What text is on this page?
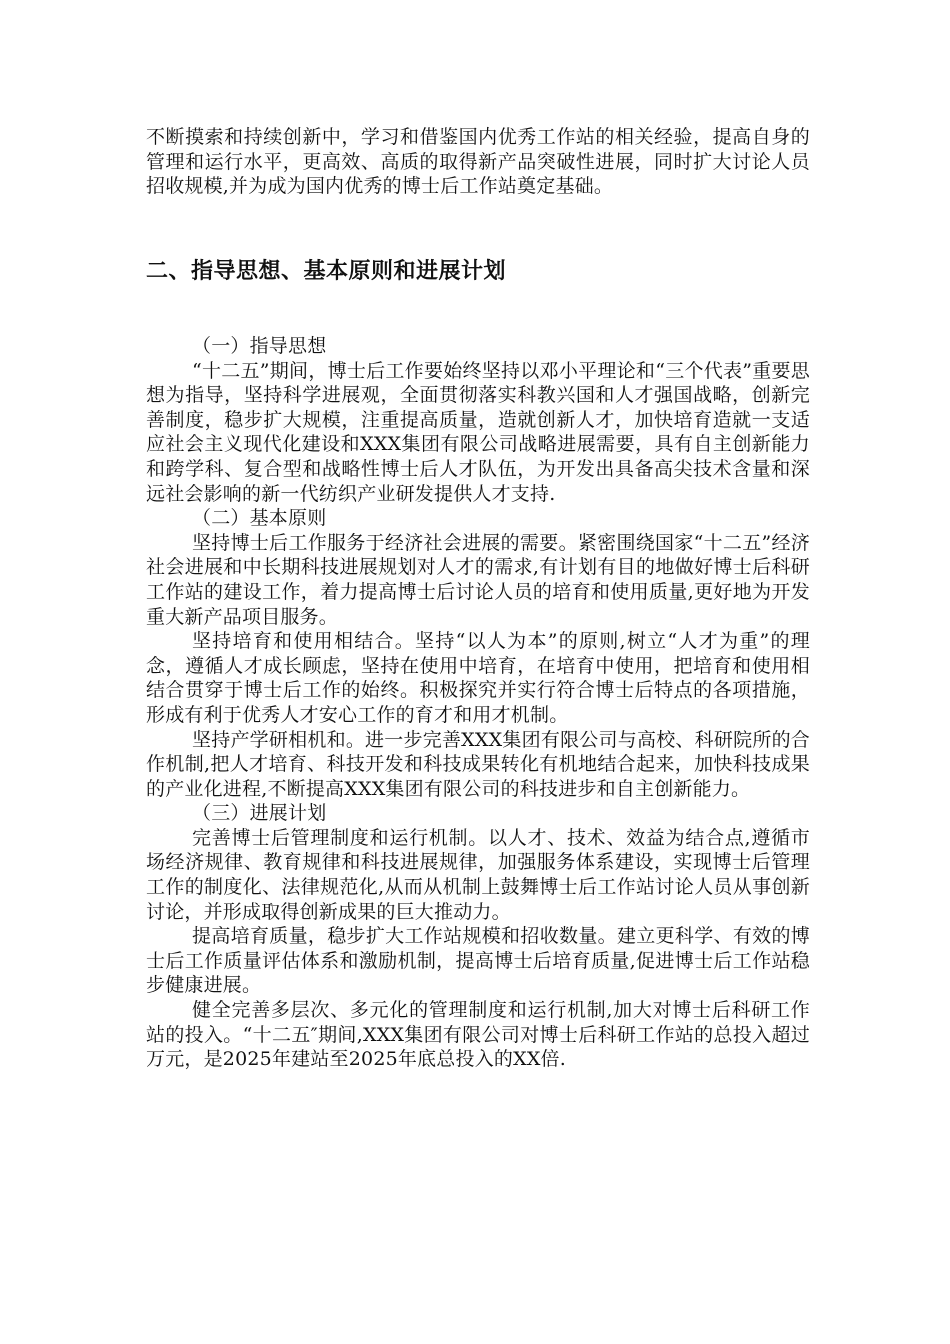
不断摸索和持续创新中，学习和借鉴国内优秀工作站的相关经验，提高自身的管理和运行水平，更高效、高质的取得新产品突破性进展，同时扩大讨论人员招收规模,并为成为国内优秀的博士后工作站奠定基础。

二、指导思想、基本原则和进展计划

（一）指导思想

“十二五”期间，博士后工作要始终坚持以邓小平理论和“三个代表”重要思想为指导，坚持科学进展观，全面贯彻落实科教兴国和人才强国战略，创新完善制度，稳步扩大规模，注重提高质量，造就创新人才，加快培育造就一支适应社会主义现代化建设和XXX集团有限公司战略进展需要，具有自主创新能力和跨学科、复合型和战略性博士后人才队伍，为开发出具备高尖技术含量和深远社会影响的新一代纺织产业研发提供人才支持.

（二）基本原则

坚持博士后工作服务于经济社会进展的需要。紧密围绕国家“十二五”经济社会进展和中长期科技进展规划对人才的需求,有计划有目的地做好博士后科研工作站的建设工作，着力提高博士后讨论人员的培育和使用质量,更好地为开发重大新产品项目服务。

坚持培育和使用相结合。坚持“以人为本”的原则,树立“人才为重”的理念，遵循人才成长顾虑，坚持在使用中培育，在培育中使用，把培育和使用相结合贯穿于博士后工作的始终。积极探究并实行符合博士后特点的各项措施，形成有利于优秀人才安心工作的育才和用才机制。

坚持产学研相机和。进一步完善XXX集团有限公司与高校、科研院所的合作机制,把人才培育、科技开发和科技成果转化有机地结合起来，加快科技成果的产业化进程,不断提高XXX集团有限公司的科技进步和自主创新能力。

（三）进展计划

完善博士后管理制度和运行机制。以人才、技术、效益为结合点,遵循市场经济规律、教育规律和科技进展规律，加强服务体系建设，实现博士后管理工作的制度化、法律规范化,从而从机制上鼓舞博士后工作站讨论人员从事创新讨论，并形成取得创新成果的巨大推动力。

提高培育质量，稳步扩大工作站规模和招收数量。建立更科学、有效的博士后工作质量评估体系和激励机制，提高博士后培育质量,促进博士后工作站稳步健康进展。

健全完善多层次、多元化的管理制度和运行机制,加大对博士后科研工作站的投入。“十二五″期间,XXX集团有限公司对博士后科研工作站的总投入超过万元，是2025年建站至2025年底总投入的XX倍.
